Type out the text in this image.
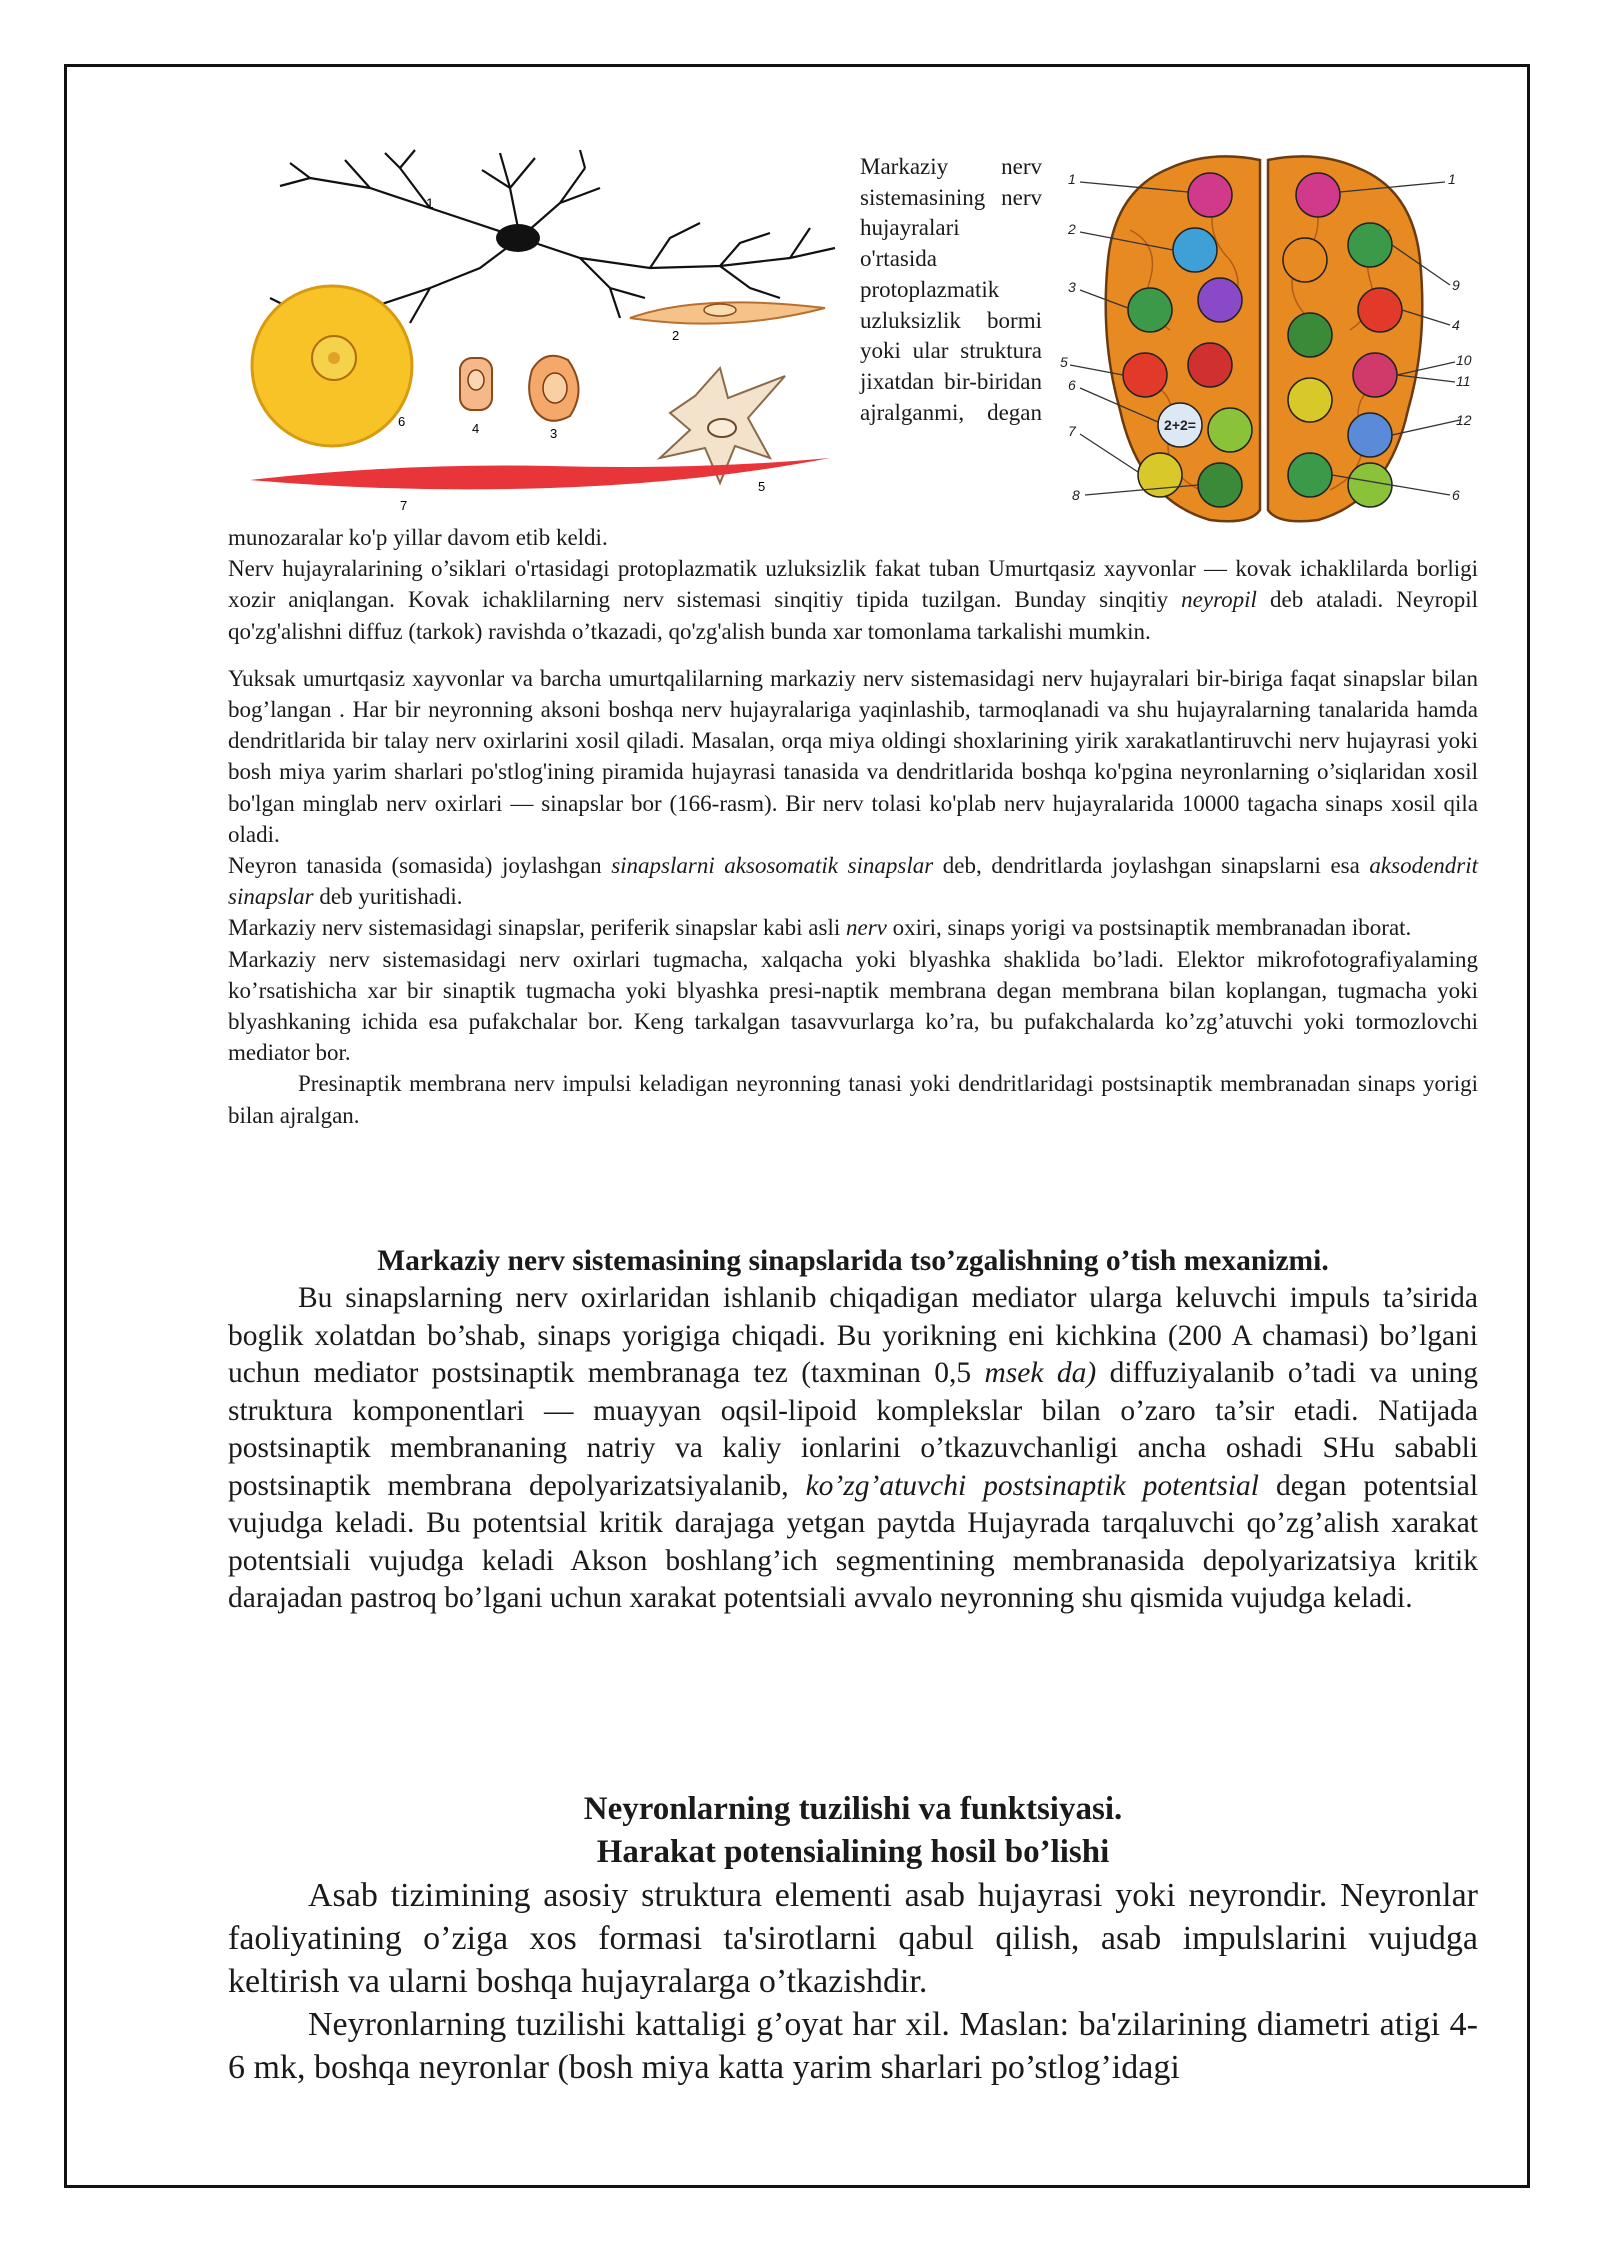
1
6
2
4	3
5
7
Markaziy nerv sistemasining nerv hujayralari o'rtasida protoplazmatik uzluksizlik bormi yoki ular struktura jixatdan bir-biridan ajralganmi, degan
2+2=
1
2
3
5
6
7
8
1
9
4
10
11
12
6

munozaralar ko'p yillar davom etib keldi.

Nerv hujayralarining o’siklari o'rtasidagi protoplazmatik uzluksizlik fakat tuban Umurtqasiz xayvonlar — kovak ichaklilarda borligi xozir aniqlangan. Kovak ichaklilarning nerv sistemasi sinqitiy tipida tuzilgan. Bunday sinqitiy neyropil deb ataladi. Neyropil qo'zg'alishni diffuz (tarkok) ravishda o’tkazadi, qo'zg'alish bunda xar tomonlama tarkalishi mumkin.

Yuksak umurtqasiz xayvonlar va barcha umurtqalilarning markaziy nerv sistemasidagi nerv hujayralari bir-biriga faqat sinapslar bilan bog’langan . Har bir neyronning aksoni boshqa nerv hujayralariga yaqinlashib, tarmoqlanadi va shu hujayralarning tanalarida hamda dendritlarida bir talay nerv oxirlarini xosil qiladi. Masalan, orqa miya oldingi shoxlarining yirik xarakatlantiruvchi nerv hujayrasi yoki bosh miya yarim sharlari po'stlog'ining piramida hujayrasi tanasida va dendritlarida boshqa ko'pgina neyronlarning o’siqlaridan xosil bo'lgan minglab nerv oxirlari — sinapslar bor (166-rasm). Bir nerv tolasi ko'plab nerv hujayralarida 10000 tagacha sinaps xosil qila oladi.

Neyron tanasida (somasida) joylashgan sinapslarni aksosomatik sinapslar deb, dendritlarda joylashgan sinapslarni esa aksodendrit sinapslar deb yuritishadi.

Markaziy nerv sistemasidagi sinapslar, periferik sinapslar kabi asli nerv oxiri, sinaps yorigi va postsinaptik membranadan iborat.

Markaziy nerv sistemasidagi nerv oxirlari tugmacha, xalqacha yoki blyashka shaklida bo’ladi. Elektor mikrofotografiyalaming ko’rsatishicha xar bir sinaptik tugmacha yoki blyashka presi-naptik membrana degan membrana bilan koplangan, tugmacha yoki blyashkaning ichida esa pufakchalar bor. Keng tarkalgan tasavvurlarga ko’ra, bu pufakchalarda ko’zg’atuvchi yoki tormozlovchi mediator bor.

Presinaptik membrana nerv impulsi keladigan neyronning tanasi yoki dendritlaridagi postsinaptik membranadan sinaps yorigi bilan ajralgan.

Markaziy nerv sistemasining sinapslarida tso’zgalishning o’tish mexanizmi.

Bu sinapslarning nerv oxirlaridan ishlanib chiqadigan mediator ularga keluvchi impuls ta’sirida boglik xolatdan bo’shab, sinaps yorigiga chiqadi. Bu yorikning eni kichkina (200 A chamasi) bo’lgani uchun mediator postsinaptik membranaga tez (taxminan 0,5 msek da) diffuziyalanib o’tadi va uning struktura komponentlari — muayyan oqsil-lipoid komplekslar bilan o’zaro ta’sir etadi. Natijada postsinaptik membrananing natriy va kaliy ionlarini o’tkazuvchanligi ancha oshadi SHu sababli postsinaptik membrana depolyarizatsiyalanib, ko’zg’atuvchi postsinaptik potentsial degan potentsial vujudga keladi. Bu potentsial kritik darajaga yetgan paytda Hujayrada tarqaluvchi qo’zg’alish xarakat potentsiali vujudga keladi Akson boshlang’ich segmentining membranasida depolyarizatsiya kritik darajadan pastroq bo’lgani uchun xarakat potentsiali avvalo neyronning shu qismida vujudga keladi.

Neyronlarning tuzilishi va funktsiyasi.

Harakat potensialining hosil bo’lishi

Asab tizimining asosiy struktura elementi asab hujayrasi yoki neyrondir. Neyronlar faoliyatining o’ziga xos formasi ta'sirotlarni qabul qilish, asab impulslarini vujudga keltirish va ularni boshqa hujayralarga o’tkazishdir.

Neyronlarning tuzilishi kattaligi g’oyat har xil. Maslan: ba'zilarining diametri atigi 4-6 mk, boshqa neyronlar (bosh miya katta yarim sharlari po’stlog’idagi
